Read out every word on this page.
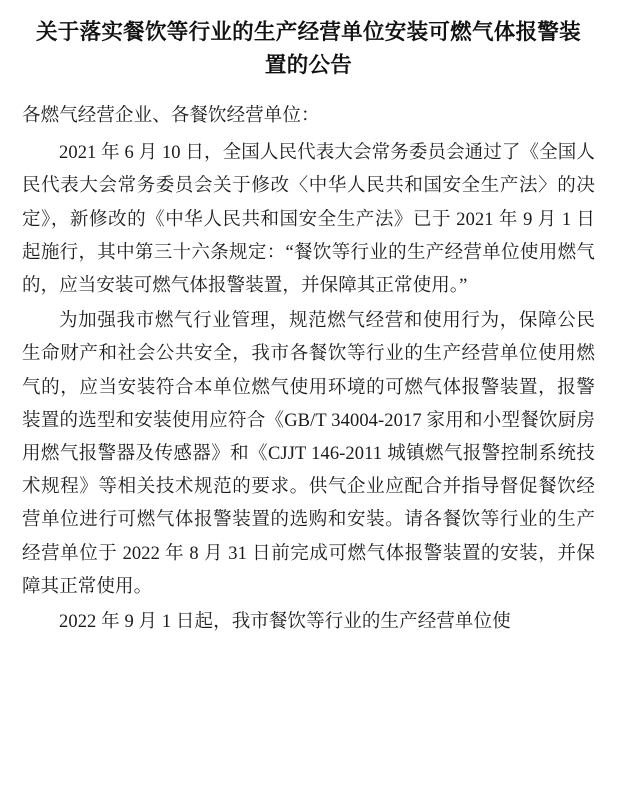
关于落实餐饮等行业的生产经营单位安装可燃气体报警装置的公告

各燃气经营企业、各餐饮经营单位：

2021 年 6 月 10 日，全国人民代表大会常务委员会通过了《全国人民代表大会常务委员会关于修改〈中华人民共和国安全生产法〉的决定》，新修改的《中华人民共和国安全生产法》已于 2021 年 9 月 1 日起施行，其中第三十六条规定：“餐饮等行业的生产经营单位使用燃气的，应当安装可燃气体报警装置，并保障其正常使用。”

为加强我市燃气行业管理，规范燃气经营和使用行为，保障公民生命财产和社会公共安全，我市各餐饮等行业的生产经营单位使用燃气的，应当安装符合本单位燃气使用环境的可燃气体报警装置，报警装置的选型和安装使用应符合《GB/T 34004-2017 家用和小型餐饮厨房用燃气报警器及传感器》和《CJJT 146-2011 城镇燃气报警控制系统技术规程》等相关技术规范的要求。供气企业应配合并指导督促餐饮经营单位进行可燃气体报警装置的选购和安装。请各餐饮等行业的生产经营单位于 2022 年 8 月 31 日前完成可燃气体报警装置的安装，并保障其正常使用。

2022 年 9 月 1 日起，我市餐饮等行业的生产经营单位使
